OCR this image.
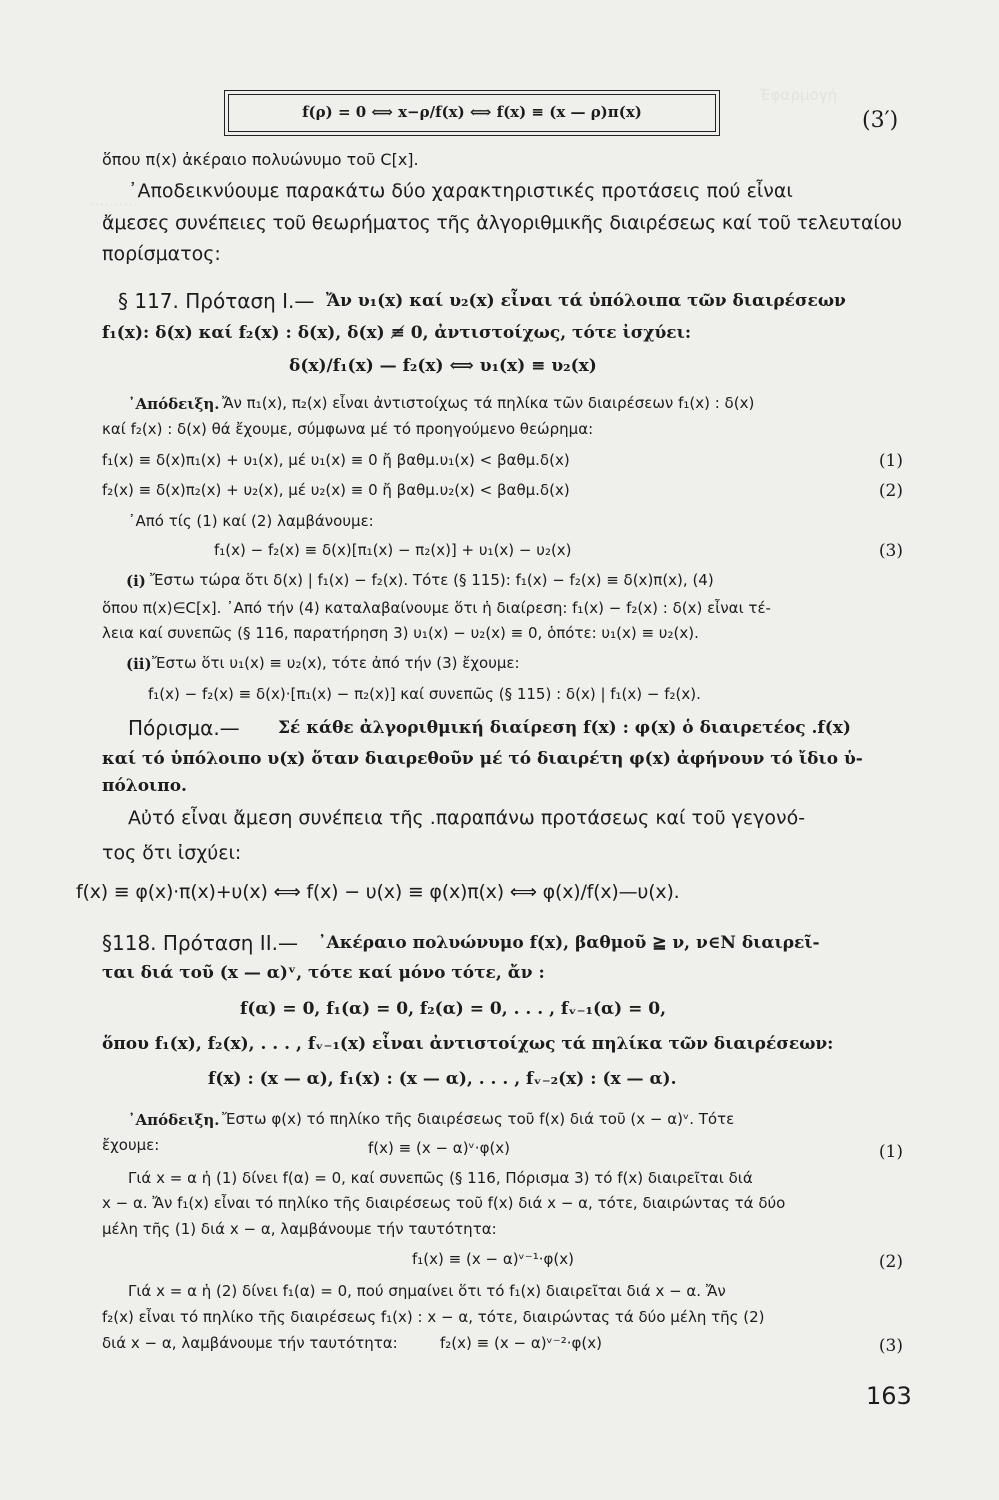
Ἐφαρμογή
··········
f(ρ) = 0 ⟺ x−ρ/f(x) ⟺ f(x) ≡ (x — ρ)π(x)	(3′)
ὅπου π(x) ἀκέραιο πολυώνυμο τοῦ C[x].
᾿Αποδεικνύουμε παρακάτω δύο χαρακτηριστικές προτάσεις πού εἶναι
ἄμεσες συνέπειες τοῦ θεωρήματος τῆς ἀλγοριθμικῆς διαιρέσεως καί τοῦ τελευταίου
πορίσματος:
§ 117. Πρόταση Ι.— Ἄν υ₁(x) καί υ₂(x) εἶναι τά ὑπόλοιπα τῶν διαιρέσεων
f₁(x): δ(x) καί f₂(x) : δ(x), δ(x) ≢ 0, ἀντιστοίχως, τότε ἰσχύει:
δ(x)/f₁(x) — f₂(x) ⟺ υ₁(x) ≡ υ₂(x)
᾿Απόδειξη. Ἄν π₁(x), π₂(x) εἶναι ἀντιστοίχως τά πηλίκα τῶν διαιρέσεων f₁(x) : δ(x)
καί f₂(x) : δ(x) θά ἔχουμε, σύμφωνα μέ τό προηγούμενο θεώρημα:
f₁(x) ≡ δ(x)π₁(x) + υ₁(x), μέ υ₁(x) ≡ 0 ἤ βαθμ.υ₁(x) < βαθμ.δ(x)	(1)
f₂(x) ≡ δ(x)π₂(x) + υ₂(x), μέ υ₂(x) ≡ 0 ἤ βαθμ.υ₂(x) < βαθμ.δ(x)	(2)
᾿Από τίς (1) καί (2) λαμβάνουμε:
f₁(x) − f₂(x) ≡ δ(x)[π₁(x) − π₂(x)] + υ₁(x) − υ₂(x)	(3)
(i) Ἔστω τώρα ὅτι δ(x) | f₁(x) − f₂(x). Τότε (§ 115): f₁(x) − f₂(x) ≡ δ(x)π(x), (4)
ὅπου π(x)∈C[x]. ᾿Από τήν (4) καταλαβαίνουμε ὅτι ἡ διαίρεση: f₁(x) − f₂(x) : δ(x) εἶναι τέ-
λεια καί συνεπῶς (§ 116, παρατήρηση 3) υ₁(x) − υ₂(x) ≡ 0, ὁπότε: υ₁(x) ≡ υ₂(x).
(ii) Ἔστω ὅτι υ₁(x) ≡ υ₂(x), τότε ἀπό τήν (3) ἔχουμε:
f₁(x) − f₂(x) ≡ δ(x)·[π₁(x) − π₂(x)] καί συνεπῶς (§ 115) : δ(x) | f₁(x) − f₂(x).
Πόρισμα.— Σέ κάθε ἀλγοριθμική διαίρεση f(x) : φ(x) ὁ διαιρετέος .f(x)
καί τό ὑπόλοιπο υ(x) ὅταν διαιρεθοῦν μέ τό διαιρέτη φ(x) ἀφήνουν τό ἴδιο ὑ-
πόλοιπο.
Αὐτό εἶναι ἄμεση συνέπεια τῆς .παραπάνω προτάσεως καί τοῦ γεγονό-
τος ὅτι ἰσχύει:
f(x) ≡ φ(x)·π(x)+υ(x) ⟺ f(x) − υ(x) ≡ φ(x)π(x) ⟺ φ(x)/f(x)—υ(x).
§118. Πρόταση ΙΙ.— ᾿Ακέραιο πολυώνυμο f(x), βαθμοῦ ≧ ν, ν∈N διαιρεῖ-
ται διά τοῦ (x — α)ᵛ, τότε καί μόνο τότε, ἄν :
f(α) = 0, f₁(α) = 0, f₂(α) = 0, . . . , fᵥ₋₁(α) = 0,
ὅπου f₁(x), f₂(x), . . . , fᵥ₋₁(x) εἶναι ἀντιστοίχως τά πηλίκα τῶν διαιρέσεων:
f(x) : (x — α), f₁(x) : (x — α), . . . , fᵥ₋₂(x) : (x — α).
᾿Απόδειξη. Ἔστω φ(x) τό πηλίκο τῆς διαιρέσεως τοῦ f(x) διά τοῦ (x − α)ᵛ. Τότε
ἔχουμε:	f(x) ≡ (x − α)ᵛ·φ(x)	(1)
Γιά x = α ἡ (1) δίνει f(α) = 0, καί συνεπῶς (§ 116, Πόρισμα 3) τό f(x) διαιρεῖται διά
x − α. Ἄν f₁(x) εἶναι τό πηλίκο τῆς διαιρέσεως τοῦ f(x) διά x − α, τότε, διαιρώντας τά δύο
μέλη τῆς (1) διά x − α, λαμβάνουμε τήν ταυτότητα:
f₁(x) ≡ (x − α)ᵛ⁻¹·φ(x)	(2)
Γιά x = α ἡ (2) δίνει f₁(α) = 0, πού σημαίνει ὅτι τό f₁(x) διαιρεῖται διά x − α. Ἄν
f₂(x) εἶναι τό πηλίκο τῆς διαιρέσεως f₁(x) : x − α, τότε, διαιρώντας τά δύο μέλη τῆς (2)
διά x − α, λαμβάνουμε τήν ταυτότητα:	f₂(x) ≡ (x − α)ᵛ⁻²·φ(x)	(3)
163
